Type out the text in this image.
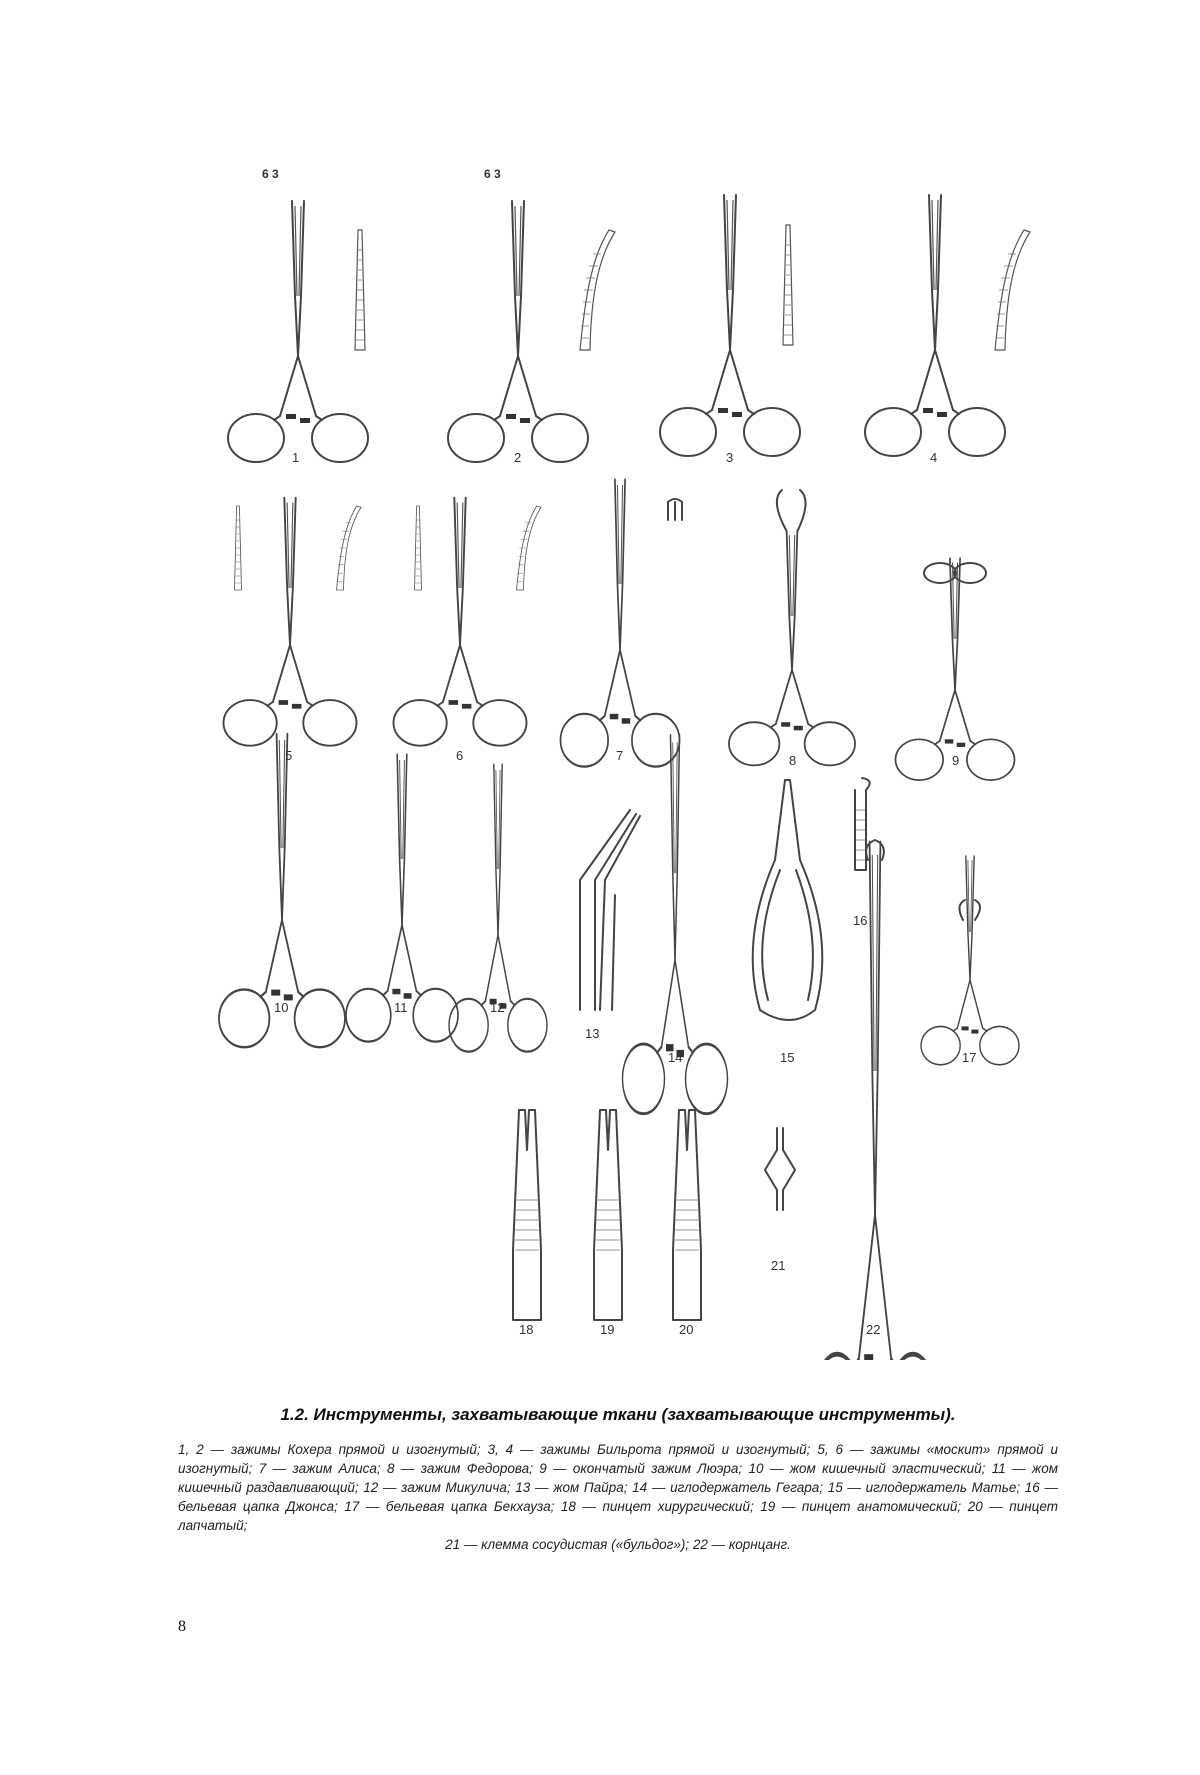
6 3	6 3
1	2	3	4
5	6	7	8	9
10	11	12
13
14	15
16
17
18	19	20
21
22
1.2. Инструменты, захватывающие ткани (захватывающие инструменты).
1, 2 — зажимы Кохера прямой и изогнутый; 3, 4 — зажимы Бильрота прямой и изогнутый; 5, 6 — зажимы «москит» прямой и изогнутый; 7 — зажим Алиса; 8 — зажим Федорова; 9 — окончатый зажим Люэра; 10 — жом кишечный эластический; 11 — жом кишечный раздавливающий; 12 — зажим Микулича; 13 — жом Пайра; 14 — иглодержатель Гегара; 15 — иглодержатель Матье; 16 — бельевая цапка Джонса; 17 — бельевая цапка Бекхауза; 18 — пинцет хирургический; 19 — пинцет анатомический; 20 — пинцет лапчатый;
21 — клемма сосудистая («бульдог»); 22 — корнцанг.
8
